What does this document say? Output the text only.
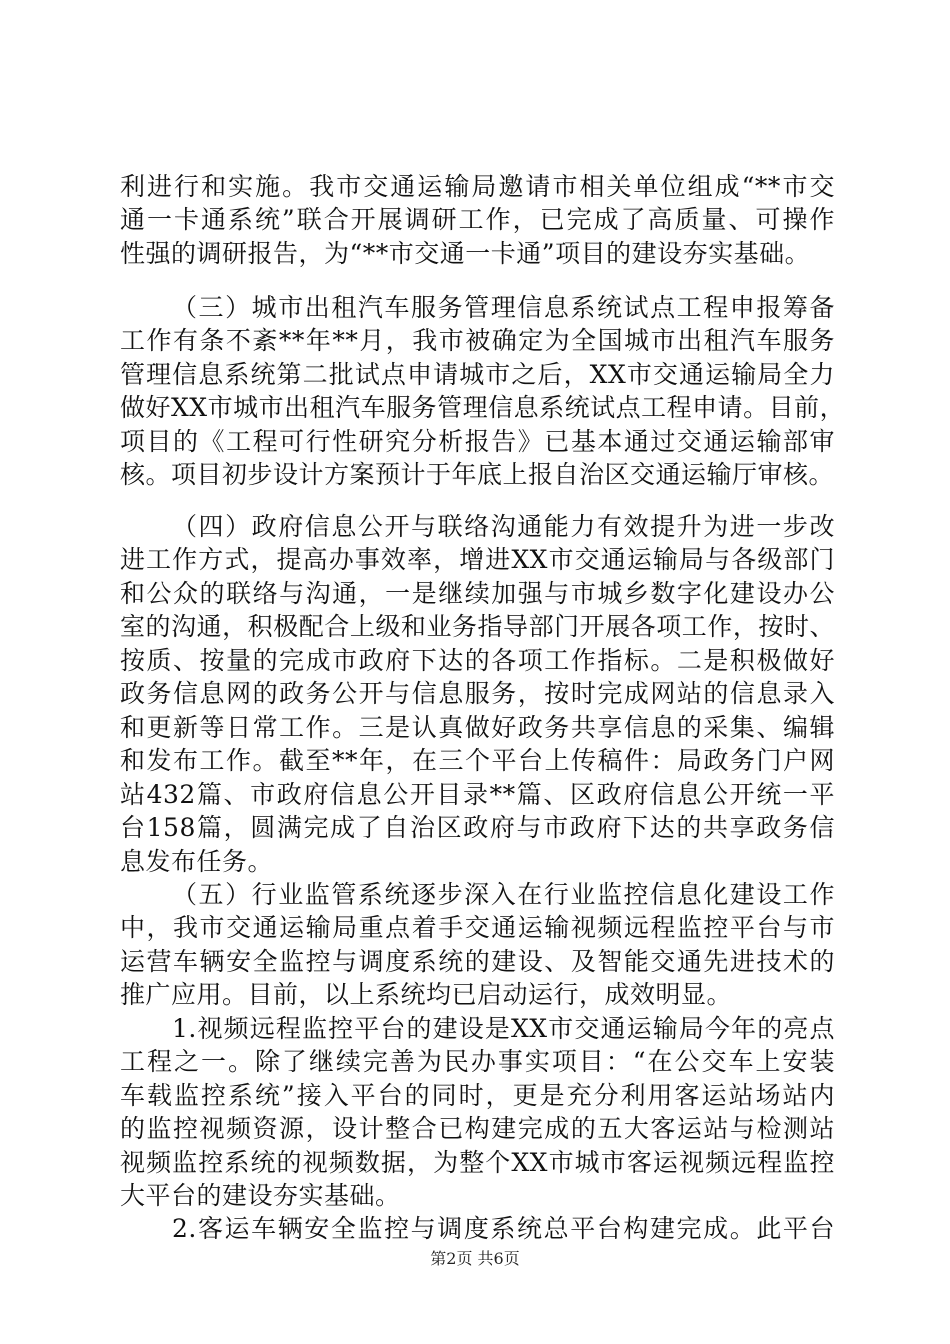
利进行和实施。我市交通运输局邀请市相关单位组成“**市交
通一卡通系统”联合开展调研工作，已完成了高质量、可操作
性强的调研报告，为“**市交通一卡通”项目的建设夯实基础。
（三）城市出租汽车服务管理信息系统试点工程申报筹备
工作有条不紊**年**月，我市被确定为全国城市出租汽车服务
管理信息系统第二批试点申请城市之后，XX市交通运输局全力
做好XX市城市出租汽车服务管理信息系统试点工程申请。目前，
项目的《工程可行性研究分析报告》已基本通过交通运输部审
核。项目初步设计方案预计于年底上报自治区交通运输厅审核。
（四）政府信息公开与联络沟通能力有效提升为进一步改
进工作方式，提高办事效率，增进XX市交通运输局与各级部门
和公众的联络与沟通，一是继续加强与市城乡数字化建设办公
室的沟通，积极配合上级和业务指导部门开展各项工作，按时、
按质、按量的完成市政府下达的各项工作指标。二是积极做好
政务信息网的政务公开与信息服务，按时完成网站的信息录入
和更新等日常工作。三是认真做好政务共享信息的采集、编辑
和发布工作。截至**年，在三个平台上传稿件：局政务门户网
站432篇、市政府信息公开目录**篇、区政府信息公开统一平
台158篇，圆满完成了自治区政府与市政府下达的共享政务信
息发布任务。
（五）行业监管系统逐步深入在行业监控信息化建设工作
中，我市交通运输局重点着手交通运输视频远程监控平台与市
运营车辆安全监控与调度系统的建设、及智能交通先进技术的
推广应用。目前，以上系统均已启动运行，成效明显。
1.视频远程监控平台的建设是XX市交通运输局今年的亮点
工程之一。除了继续完善为民办事实项目：“在公交车上安装
车载监控系统”接入平台的同时，更是充分利用客运站场站内
的监控视频资源，设计整合已构建完成的五大客运站与检测站
视频监控系统的视频数据，为整个XX市城市客运视频远程监控
大平台的建设夯实基础。
2.客运车辆安全监控与调度系统总平台构建完成。此平台
第2页 共6页
